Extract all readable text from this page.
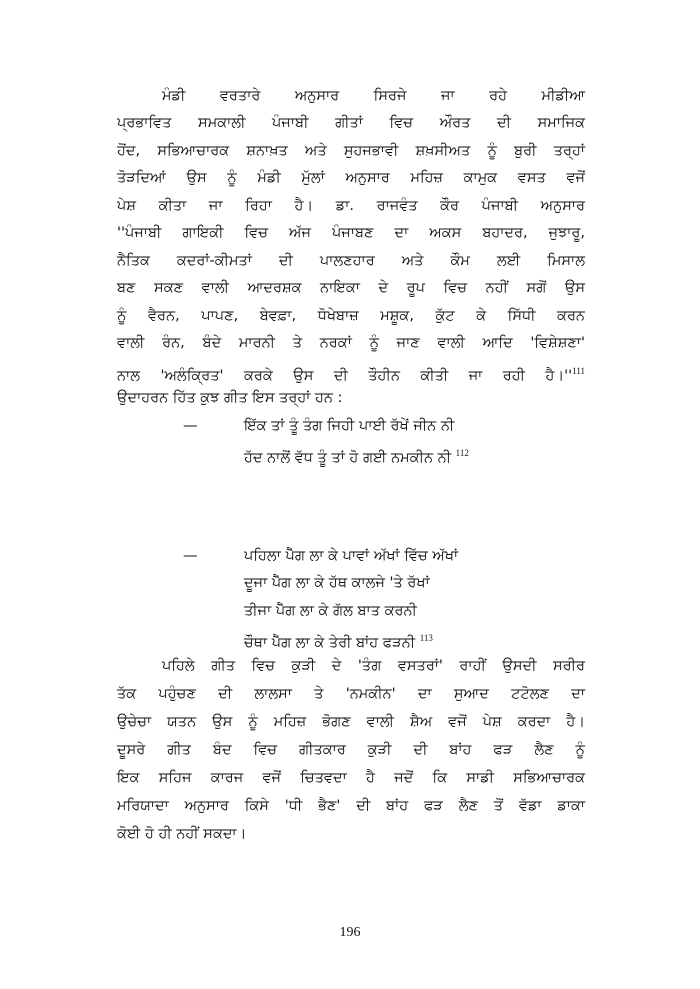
ਮੰਡੀ ਵਰਤਾਰੇ ਅਨੁਸਾਰ ਸਿਰਜੇ ਜਾ ਰਹੇ ਮੀਡੀਆ
ਪ੍ਰਭਾਵਿਤ ਸਮਕਾਲੀ ਪੰਜਾਬੀ ਗੀਤਾਂ ਵਿਚ ਔਰਤ ਦੀ ਸਮਾਜਿਕ
ਹੋਂਦ, ਸਭਿਆਚਾਰਕ ਸ਼ਨਾਖ਼ਤ ਅਤੇ ਸੁਹਜਭਾਵੀ ਸ਼ਖ਼ਸੀਅਤ ਨੂੰ ਬੁਰੀ ਤਰ੍ਹਾਂ
ਤੋੜਦਿਆਂ ਉਸ ਨੂੰ ਮੰਡੀ ਮੁੱਲਾਂ ਅਨੁਸਾਰ ਮਹਿਜ਼ ਕਾਮੁਕ ਵਸਤ ਵਜੋਂ
ਪੇਸ਼ ਕੀਤਾ ਜਾ ਰਿਹਾ ਹੈ। ਡਾ. ਰਾਜਵੰਤ ਕੌਰ ਪੰਜਾਬੀ ਅਨੁਸਾਰ
''ਪੰਜਾਬੀ ਗਾਇਕੀ ਵਿਚ ਅੱਜ ਪੰਜਾਬਣ ਦਾ ਅਕਸ ਬਹਾਦਰ, ਜੁਝਾਰੂ,
ਨੈਤਿਕ ਕਦਰਾਂ-ਕੀਮਤਾਂ ਦੀ ਪਾਲਣਹਾਰ ਅਤੇ ਕੌਮ ਲਈ ਮਿਸਾਲ
ਬਣ ਸਕਣ ਵਾਲੀ ਆਦਰਸ਼ਕ ਨਾਇਕਾ ਦੇ ਰੂਪ ਵਿਚ ਨਹੀਂ ਸਗੋਂ ਉਸ
ਨੂੰ ਵੈਰਨ, ਪਾਪਣ, ਬੇਵਫ਼ਾ, ਧੋਖੇਬਾਜ਼ ਮਸ਼ੂਕ, ਕੁੱਟ ਕੇ ਸਿੱਧੀ ਕਰਨ
ਵਾਲੀ ਰੰਨ, ਬੰਦੇ ਮਾਰਨੀ ਤੇ ਨਰਕਾਂ ਨੂੰ ਜਾਣ ਵਾਲੀ ਆਦਿ 'ਵਿਸ਼ੇਸ਼ਣਾ'
ਨਾਲ 'ਅਲੰਕ੍ਰਿਤ' ਕਰਕੇ ਉਸ ਦੀ ਤੌਹੀਨ ਕੀਤੀ ਜਾ ਰਹੀ $ਹੈ।''^{111}$
ਉਦਾਹਰਨ ਹਿੱਤ ਕੁਝ ਗੀਤ ਇਸ ਤਰ੍ਹਾਂ ਹਨ :
—	ਇੱਕ ਤਾਂ ਤੂੰ ਤੰਗ ਜਿਹੀ ਪਾਈ ਰੱਖੇਂ ਜੀਨ ਨੀ
ਹੱਦ ਨਾਲੋਂ ਵੱਧ ਤੂੰ ਤਾਂ ਹੋ ਗਈ ਨਮਕੀਨ ਨੀ $^{112}$
—	ਪਹਿਲਾ ਪੈੱਗ ਲਾ ਕੇ ਪਾਵਾਂ ਅੱਖਾਂ ਵਿੱਚ ਅੱਖਾਂ
ਦੂਜਾ ਪੈੱਗ ਲਾ ਕੇ ਹੱਥ ਕਾਲਜੇ 'ਤੇ ਰੱਖਾਂ
ਤੀਜਾ ਪੈੱਗ ਲਾ ਕੇ ਗੱਲ ਬਾਤ ਕਰਨੀ
ਚੌਥਾ ਪੈੱਗ ਲਾ ਕੇ ਤੇਰੀ ਬਾਂਹ ਫੜਨੀ $^{113}$
ਪਹਿਲੇ ਗੀਤ ਵਿਚ ਕੁੜੀ ਦੇ 'ਤੰਗ ਵਸਤਰਾਂ' ਰਾਹੀਂ ਉਸਦੀ ਸਰੀਰ
ਤੱਕ ਪਹੁੰਚਣ ਦੀ ਲਾਲਸਾ ਤੇ 'ਨਮਕੀਨ' ਦਾ ਸੁਆਦ ਟਟੋਲਣ ਦਾ
ਉਚੇਚਾ ਯਤਨ ਉਸ ਨੂੰ ਮਹਿਜ਼ ਭੋਗਣ ਵਾਲੀ ਸ਼ੈਅ ਵਜੋਂ ਪੇਸ਼ ਕਰਦਾ ਹੈ।
ਦੂਸਰੇ ਗੀਤ ਬੰਦ ਵਿਚ ਗੀਤਕਾਰ ਕੁੜੀ ਦੀ ਬਾਂਹ ਫੜ ਲੈਣ ਨੂੰ
ਇਕ ਸਹਿਜ ਕਾਰਜ ਵਜੋਂ ਚਿਤਵਦਾ ਹੈ ਜਦੋਂ ਕਿ ਸਾਡੀ ਸਭਿਆਚਾਰਕ
ਮਰਿਯਾਦਾ ਅਨੁਸਾਰ ਕਿਸੇ 'ਧੀ ਭੈਣ' ਦੀ ਬਾਂਹ ਫੜ ਲੈਣ ਤੋਂ ਵੱਡਾ ਡਾਕਾ
ਕੋਈ ਹੋ ਹੀ ਨਹੀਂ ਸਕਦਾ।
196
